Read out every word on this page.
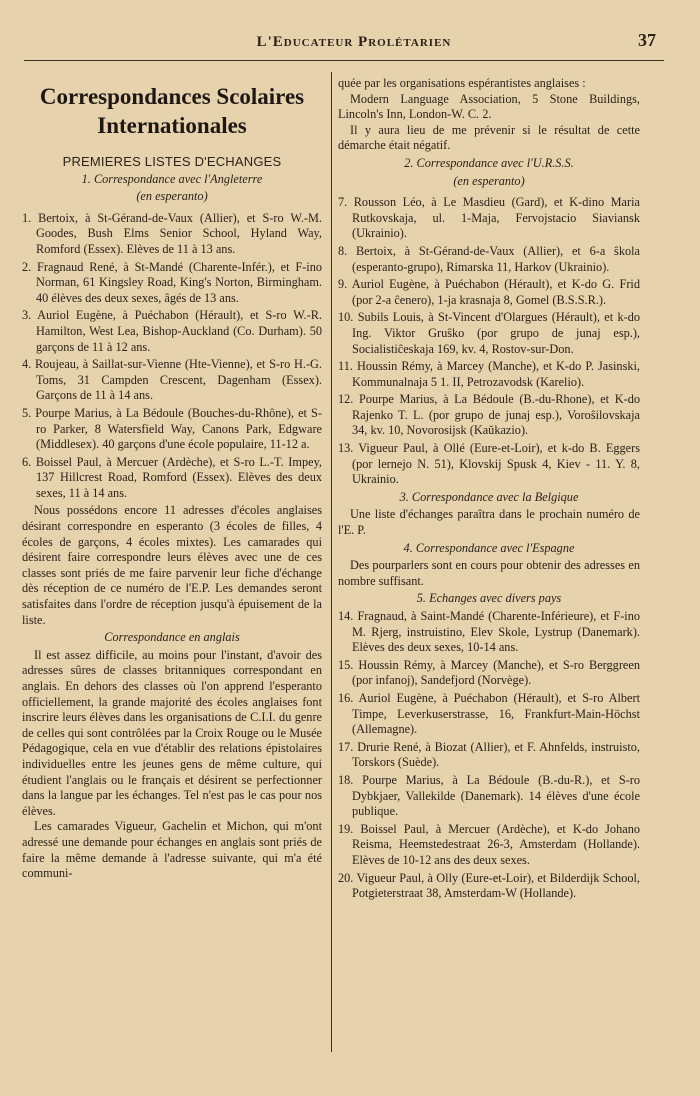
L'Educateur Prolétarien	37
Correspondances Scolaires Internationales
PREMIERES LISTES D'ECHANGES
1. Correspondance avec l'Angleterre
(en esperanto)

1. Bertoix, à St-Gérand-de-Vaux (Allier), et S-ro W.-M. Goodes, Bush Elms Senior School, Hyland Way, Romford (Essex). Elèves de 11 à 13 ans.

2. Fragnaud René, à St-Mandé (Charente-Infér.), et F-ino Norman, 61 Kingsley Road, King's Norton, Birmingham. 40 élèves des deux sexes, âgés de 13 ans.

3. Auriol Eugène, à Puéchabon (Hérault), et S-ro W.-R. Hamilton, West Lea, Bishop-Auckland (Co. Durham). 50 garçons de 11 à 12 ans.

4. Roujeau, à Saillat-sur-Vienne (Hte-Vienne), et S-ro H.-G. Toms, 31 Campden Crescent, Dagenham (Essex). Garçons de 11 à 14 ans.

5. Pourpe Marius, à La Bédoule (Bouches-du-Rhône), et S-ro Parker, 8 Watersfield Way, Canons Park, Edgware (Middlesex). 40 garçons d'une école populaire, 11-12 a.

6. Boissel Paul, à Mercuer (Ardèche), et S-ro L.-T. Impey, 137 Hillcrest Road, Romford (Essex). Elèves des deux sexes, 11 à 14 ans.

Nous possédons encore 11 adresses d'écoles anglaises désirant correspondre en esperanto (3 écoles de filles, 4 écoles de garçons, 4 écoles mixtes). Les camarades qui désirent faire correspondre leurs élèves avec une de ces classes sont priés de me faire parvenir leur fiche d'échange dès réception de ce numéro de l'E.P. Les demandes seront satisfaites dans l'ordre de réception jusqu'à épuisement de la liste.

Correspondance en anglais

Il est assez difficile, au moins pour l'instant, d'avoir des adresses sûres de classes britanniques correspondant en anglais. En dehors des classes où l'on apprend l'esperanto officiellement, la grande majorité des écoles anglaises font inscrire leurs élèves dans les organisations de C.I.I. du genre de celles qui sont contrôlées par la Croix Rouge ou le Musée Pédagogique, cela en vue d'établir des relations épistolaires individuelles entre les jeunes gens de même culture, qui étudient l'anglais ou le français et désirent se perfectionner dans la langue par les échanges. Tel n'est pas le cas pour nos élèves.

Les camarades Vigueur, Gachelin et Michon, qui m'ont adressé une demande pour échanges en anglais sont priés de faire la même demande à l'adresse suivante, qui m'a été communi-

quée par les organisations espérantistes anglaises :

Modern Language Association, 5 Stone Buildings, Lincoln's Inn, London-W. C. 2.

Il y aura lieu de me prévenir si le résultat de cette démarche était négatif.

2. Correspondance avec l'U.R.S.S.
(en esperanto)

7. Rousson Léo, à Le Masdieu (Gard), et K-dino Maria Rutkovskaja, ul. 1-Maja, Fervojstacio Siaviansk (Ukrainio).

8. Bertoix, à St-Gérand-de-Vaux (Allier), et 6-a ŝkola (esperanto-grupo), Rimarska 11, Harkov (Ukrainio).

9. Auriol Eugène, à Puéchabon (Hérault), et K-do G. Frid (por 2-a ĉenero), 1-ja krasnaja 8, Gomel (B.S.S.R.).

10. Subils Louis, à St-Vincent d'Olargues (Hérault), et k-do Ing. Viktor Gruŝko (por grupo de junaj esp.), Socialistiĉeskaja 169, kv. 4, Rostov-sur-Don.

11. Houssin Rémy, à Marcey (Manche), et K-do P. Jasinski, Kommunalnaja 5 1. II, Petrozavodsk (Karelio).

12. Pourpe Marius, à La Bédoule (B.-du-Rhone), et K-do Rajenko T. L. (por grupo de junaj esp.), Voroŝilovskaja 34, kv. 10, Novorosijsk (Kaŭkazio).

13. Vigueur Paul, à Ollé (Eure-et-Loir), et k-do B. Eggers (por lernejo N. 51), Klovskij Spusk 4, Kiev - 11. Y. 8, Ukrainio.

3. Correspondance avec la Belgique

Une liste d'échanges paraîtra dans le prochain numéro de l'E. P.

4. Correspondance avec l'Espagne

Des pourparlers sont en cours pour obtenir des adresses en nombre suffisant.

5. Echanges avec divers pays

14. Fragnaud, à Saint-Mandé (Charente-Inférieure), et F-ino M. Rjerg, instruistino, Elev Skole, Lystrup (Danemark). Elèves des deux sexes, 10-14 ans.

15. Houssin Rémy, à Marcey (Manche), et S-ro Berggreen (por infanoj), Sandefjord (Norvège).

16. Auriol Eugène, à Puéchabon (Hérault), et S-ro Albert Timpe, Leverkuserstrasse, 16, Frankfurt-Main-Höchst (Allemagne).

17. Drurie René, à Biozat (Allier), et F. Ahnfelds, instruisto, Torskors (Suède).

18. Pourpe Marius, à La Bédoule (B.-du-R.), et S-ro Dybkjaer, Vallekilde (Danemark). 14 élèves d'une école publique.

19. Boissel Paul, à Mercuer (Ardèche), et K-do Johano Reisma, Heemstedestraat 26-3, Amsterdam (Hollande). Elèves de 10-12 ans des deux sexes.

20. Vigueur Paul, à Olly (Eure-et-Loir), et Bilderdijk School, Potgieterstraat 38, Amsterdam-W (Hollande).
